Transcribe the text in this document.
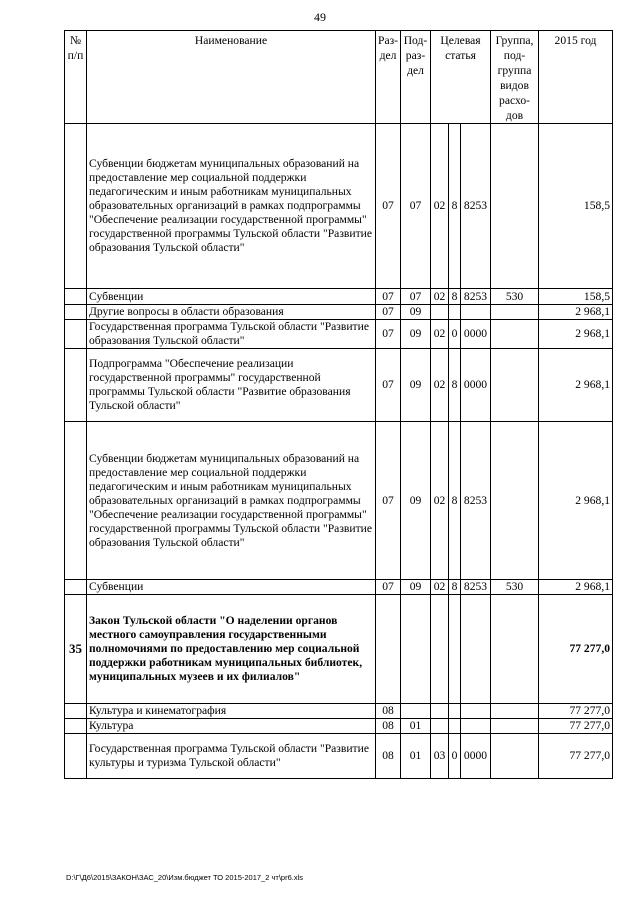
49
№ п/п	Наименование	Раз-дел	Под-раз-дел	Целевая статья			Группа, под-группа видов расхо-дов	2015 год
	Субвенции бюджетам муниципальных образований на предоставление мер социальной поддержки педагогическим и иным работникам муниципальных образовательных организаций в рамках подпрограммы "Обеспечение реализации государственной программы" государственной программы Тульской области "Развитие образования Тульской области"	07	07	02	8	8253		158,5
	Субвенции	07	07	02	8	8253	530	158,5
	Другие вопросы в области образования	07	09					2 968,1
	Государственная программа Тульской области "Развитие образования Тульской области"	07	09	02	0	0000		2 968,1
	Подпрограмма "Обеспечение реализации государственной программы" государственной программы Тульской области "Развитие образования Тульской области"	07	09	02	8	0000		2 968,1
	Субвенции бюджетам муниципальных образований на предоставление мер социальной поддержки педагогическим и иным работникам муниципальных образовательных организаций в рамках подпрограммы "Обеспечение реализации государственной программы" государственной программы Тульской области "Развитие образования Тульской области"	07	09	02	8	8253		2 968,1
	Субвенции	07	09	02	8	8253	530	2 968,1
35	Закон Тульской области "О наделении органов местного самоуправления государственными полномочиями по предоставлению мер социальной поддержки работникам муниципальных библиотек, муниципальных музеев и их филиалов"							77 277,0
	Культура и кинематография	08						77 277,0
	Культура	08	01					77 277,0
	Государственная программа Тульской области "Развитие культуры и туризма Тульской области"	08	01	03	0	0000		77 277,0
D:\Г\Д6\2015\ЗАКОН\ЗАС_20\Изм.бюджет ТО 2015-2017_2 чт\рr6.xls
